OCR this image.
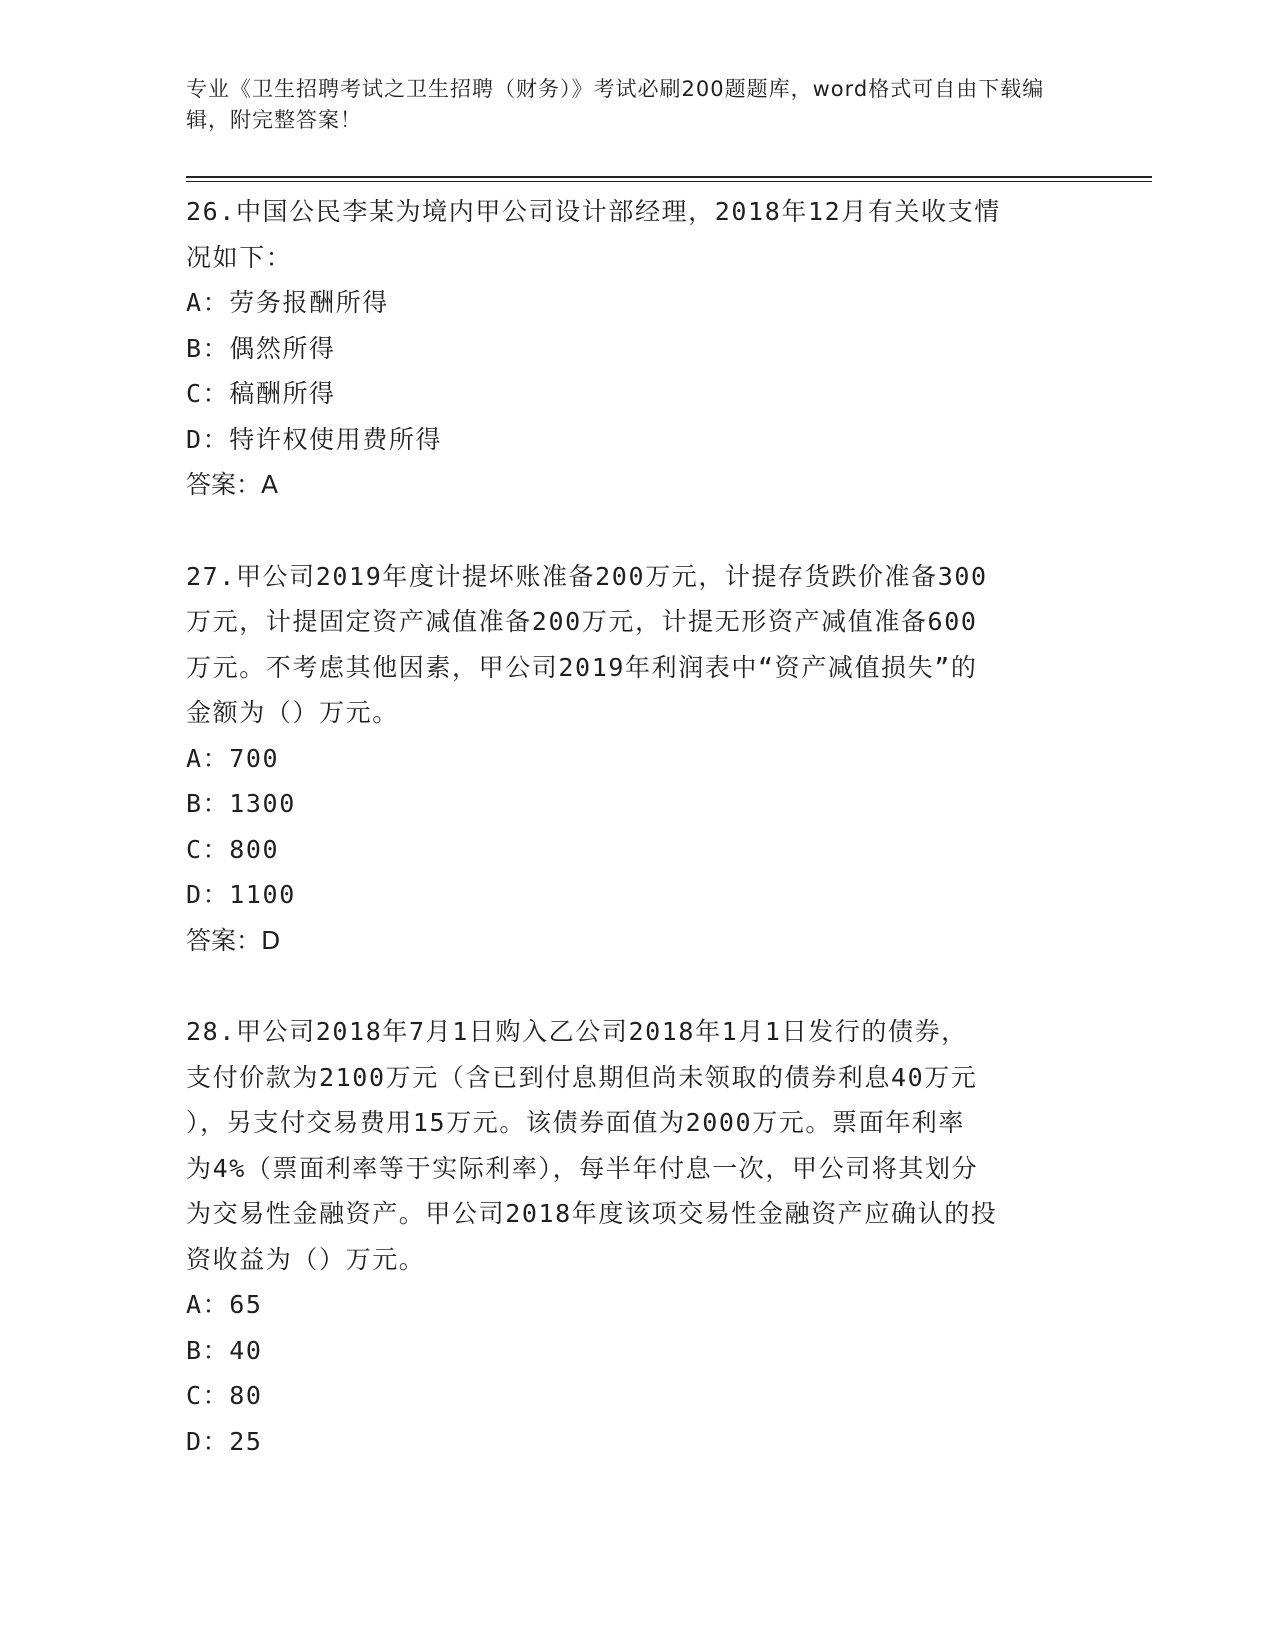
专业《卫生招聘考试之卫生招聘（财务）》考试必刷200题题库，word格式可自由下载编辑，附完整答案！

26.中国公民李某为境内甲公司设计部经理，2018年12月有关收支情

况如下：

A：劳务报酬所得

B：偶然所得

C：稿酬所得

D：特许权使用费所得

答案：A

27.甲公司2019年度计提坏账准备200万元，计提存货跌价准备300

万元，计提固定资产减值准备200万元，计提无形资产减值准备600

万元。不考虑其他因素，甲公司2019年利润表中“资产减值损失”的

金额为（）万元。

A：700

B：1300

C：800

D：1100

答案：D

28.甲公司2018年7月1日购入乙公司2018年1月1日发行的债券，

支付价款为2100万元（含已到付息期但尚未领取的债券利息40万元

），另支付交易费用15万元。该债券面值为2000万元。票面年利率

为4%（票面利率等于实际利率），每半年付息一次，甲公司将其划分

为交易性金融资产。甲公司2018年度该项交易性金融资产应确认的投

资收益为（）万元。

A：65

B：40

C：80

D：25
